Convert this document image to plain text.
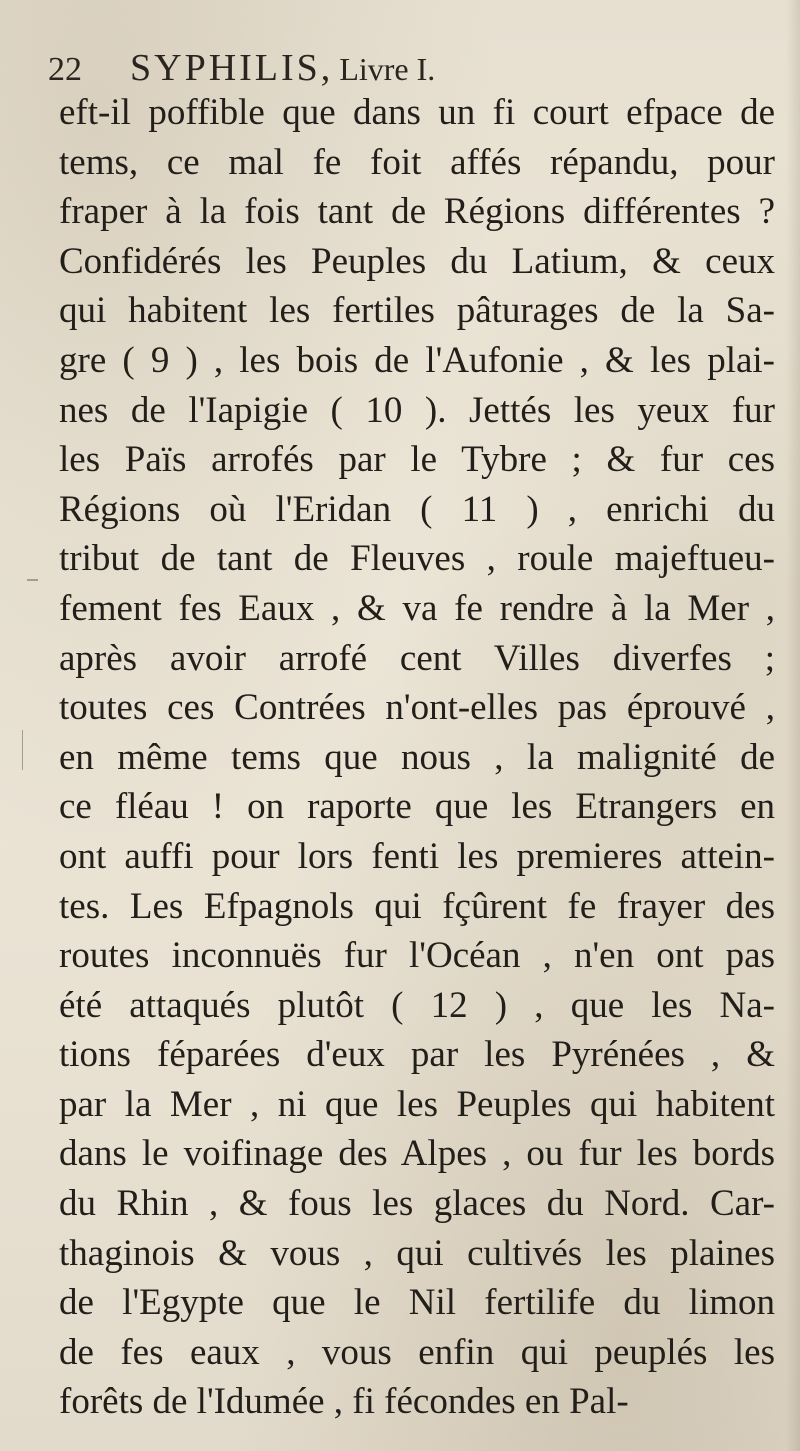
22 SYPHILIS, Livre I.
eft-il poffible que dans un fi court efpace de
tems, ce mal fe foit affés répandu, pour
fraper à la fois tant de Régions différentes ?
Confidérés les Peuples du Latium, & ceux
qui habitent les fertiles pâturages de la Sa-
gre ( 9 ) , les bois de l'Aufonie , & les plai-
nes de l'Iapigie ( 10 ). Jettés les yeux fur
les Païs arrofés par le Tybre ; & fur ces
Régions où l'Eridan ( 11 ) , enrichi du
tribut de tant de Fleuves , roule majeftueu-
fement fes Eaux , & va fe rendre à la Mer ,
après avoir arrofé cent Villes diverfes ;
toutes ces Contrées n'ont-elles pas éprouvé ,
en même tems que nous , la malignité de
ce fléau ! on raporte que les Etrangers en
ont auffi pour lors fenti les premieres attein-
tes. Les Efpagnols qui fçûrent fe frayer des
routes inconnuës fur l'Océan , n'en ont pas
été attaqués plutôt ( 12 ) , que les Na-
tions féparées d'eux par les Pyrénées , &
par la Mer , ni que les Peuples qui habitent
dans le voifinage des Alpes , ou fur les bords
du Rhin , & fous les glaces du Nord. Car-
thaginois & vous , qui cultivés les plaines
de l'Egypte que le Nil fertilife du limon
de fes eaux , vous enfin qui peuplés les
forêts de l'Idumée , fi fécondes en Pal-
